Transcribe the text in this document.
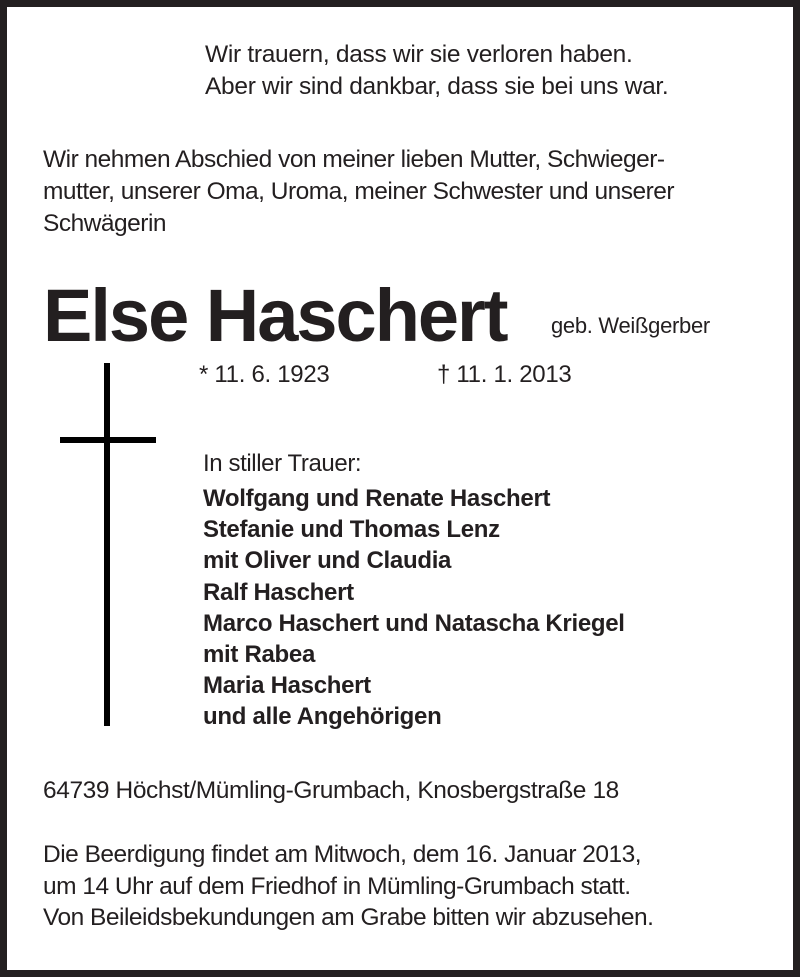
Wir trauern, dass wir sie verloren haben.
Aber wir sind dankbar, dass sie bei uns war.
Wir nehmen Abschied von meiner lieben Mutter, Schwieger-
mutter, unserer Oma, Uroma, meiner Schwester und unserer
Schwägerin
Else Haschert geb. Weißgerber
* 11. 6. 1923	† 11. 1. 2013
In stiller Trauer:
Wolfgang und Renate Haschert
Stefanie und Thomas Lenz
mit Oliver und Claudia
Ralf Haschert
Marco Haschert und Natascha Kriegel
mit Rabea
Maria Haschert
und alle Angehörigen
64739 Höchst/Mümling-Grumbach, Knosbergstraße 18
Die Beerdigung findet am Mitwoch, dem 16. Januar 2013,
um 14 Uhr auf dem Friedhof in Mümling-Grumbach statt.
Von Beileidsbekundungen am Grabe bitten wir abzusehen.
